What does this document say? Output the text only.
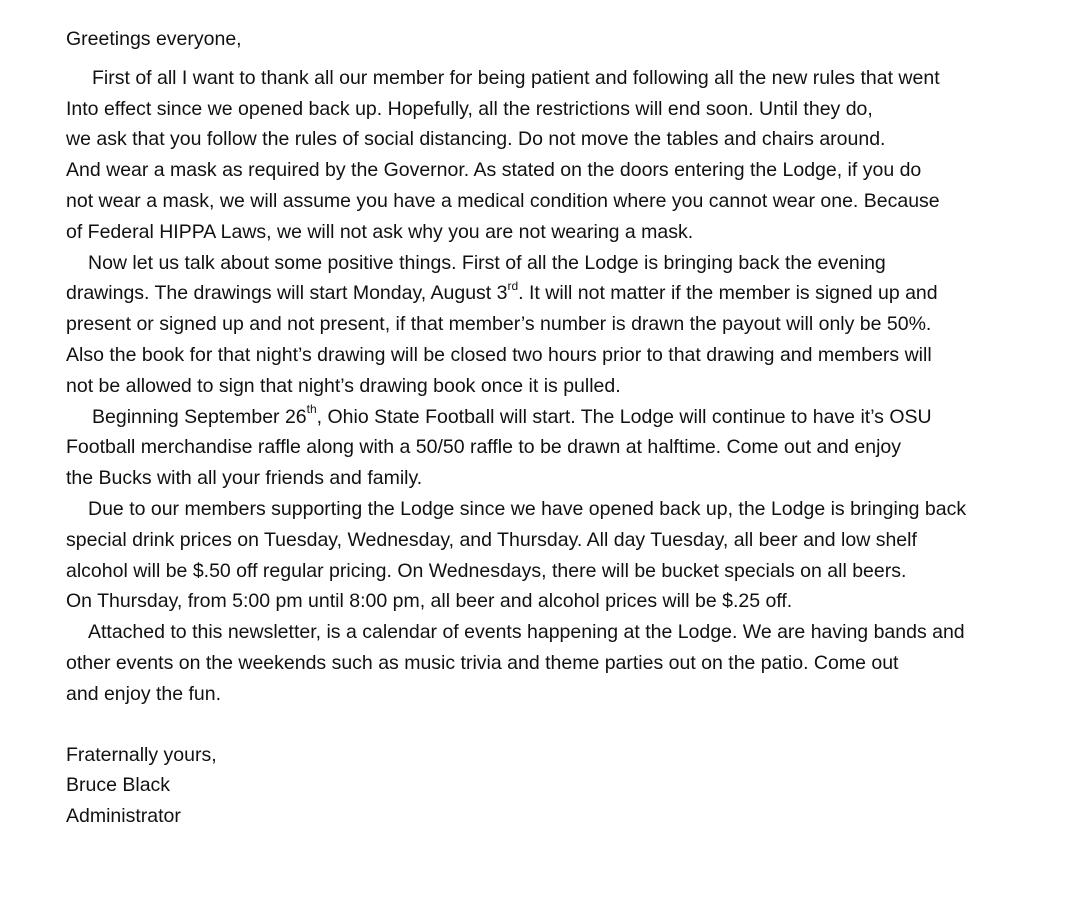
Greetings everyone,
First of all I want to thank all our member for being patient and following all the new rules that went
Into effect since we opened back up. Hopefully, all the restrictions will end soon. Until they do,
we ask that you follow the rules of social distancing. Do not move the tables and chairs around.
And wear a mask as required by the Governor. As stated on the doors entering the Lodge, if you do
not wear a mask, we will assume you have a medical condition where you cannot wear one. Because
of Federal HIPPA Laws, we will not ask why you are not wearing a mask.
Now let us talk about some positive things. First of all the Lodge is bringing back the evening
drawings. The drawings will start Monday, August 3rd. It will not matter if the member is signed up and
present or signed up and not present, if that member’s number is drawn the payout will only be 50%.
Also the book for that night’s drawing will be closed two hours prior to that drawing and members will
not be allowed to sign that night’s drawing book once it is pulled.
Beginning September 26th, Ohio State Football will start. The Lodge will continue to have it’s OSU
Football merchandise raffle along with a 50/50 raffle to be drawn at halftime. Come out and enjoy
the Bucks with all your friends and family.
Due to our members supporting the Lodge since we have opened back up, the Lodge is bringing back
special drink prices on Tuesday, Wednesday, and Thursday. All day Tuesday, all beer and low shelf
alcohol will be $.50 off regular pricing. On Wednesdays, there will be bucket specials on all beers.
On Thursday, from 5:00 pm until 8:00 pm, all beer and alcohol prices will be $.25 off.
Attached to this newsletter, is a calendar of events happening at the Lodge. We are having bands and
other events on the weekends such as music trivia and theme parties out on the patio. Come out
and enjoy the fun.
Fraternally yours,
Bruce Black
Administrator
